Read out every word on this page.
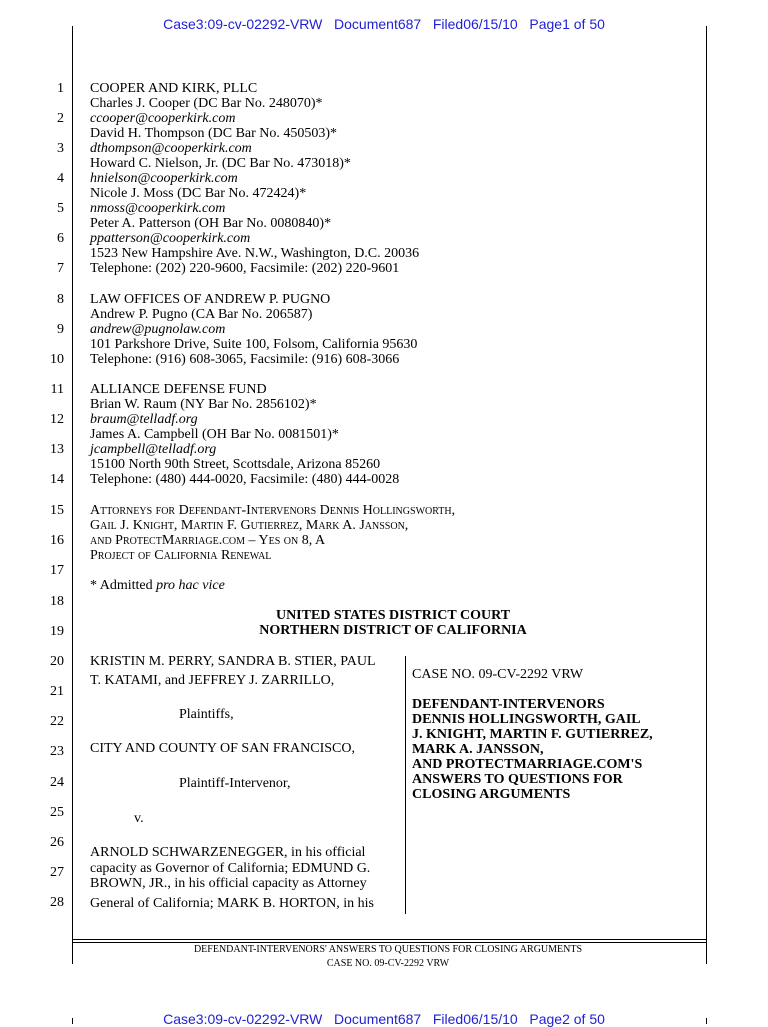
Case3:09-cv-02292-VRW   Document687   Filed06/15/10   Page1 of 50
1
2
3
4
5
6
7
8
9
10
11
12
13
14
15
16
17
18
19
20
21
22
23
24
25
26
27
28
COOPER AND KIRK, PLLC
Charles J. Cooper (DC Bar No. 248070)*
ccooper@cooperkirk.com
David H. Thompson (DC Bar No. 450503)*
dthompson@cooperkirk.com
Howard C. Nielson, Jr. (DC Bar No. 473018)*
hnielson@cooperkirk.com
Nicole J. Moss (DC Bar No. 472424)*
nmoss@cooperkirk.com
Peter A. Patterson (OH Bar No. 0080840)*
ppatterson@cooperkirk.com
1523 New Hampshire Ave. N.W., Washington, D.C. 20036
Telephone: (202) 220-9600, Facsimile: (202) 220-9601
LAW OFFICES OF ANDREW P. PUGNO
Andrew P. Pugno (CA Bar No. 206587)
andrew@pugnolaw.com
101 Parkshore Drive, Suite 100, Folsom, California 95630
Telephone: (916) 608-3065, Facsimile: (916) 608-3066
ALLIANCE DEFENSE FUND
Brian W. Raum (NY Bar No. 2856102)*
braum@telladf.org
James A. Campbell (OH Bar No. 0081501)*
jcampbell@telladf.org
15100 North 90th Street, Scottsdale, Arizona 85260
Telephone: (480) 444-0020, Facsimile: (480) 444-0028
Attorneys for Defendant-Intervenors Dennis Hollingsworth,
Gail J. Knight, Martin F. Gutierrez, Mark A. Jansson,
and ProtectMarriage.com – Yes on 8, A
Project of California Renewal
* Admitted pro hac vice
UNITED STATES DISTRICT COURT
NORTHERN DISTRICT OF CALIFORNIA
KRISTIN M. PERRY, SANDRA B. STIER, PAUL
T. KATAMI, and JEFFREY J. ZARRILLO,
Plaintiffs,
CITY AND COUNTY OF SAN FRANCISCO,
Plaintiff-Intervenor,
v.
ARNOLD SCHWARZENEGGER, in his official
capacity as Governor of California; EDMUND G.
BROWN, JR., in his official capacity as Attorney
General of California; MARK B. HORTON, in his
CASE NO. 09-CV-2292 VRW
DEFENDANT-INTERVENORS
DENNIS HOLLINGSWORTH, GAIL
J. KNIGHT, MARTIN F. GUTIERREZ,
MARK A. JANSSON,
AND PROTECTMARRIAGE.COM'S
ANSWERS TO QUESTIONS FOR
CLOSING ARGUMENTS
DEFENDANT-INTERVENORS' ANSWERS TO QUESTIONS FOR CLOSING ARGUMENTS
CASE NO. 09-CV-2292 VRW
Case3:09-cv-02292-VRW   Document687   Filed06/15/10   Page2 of 50
